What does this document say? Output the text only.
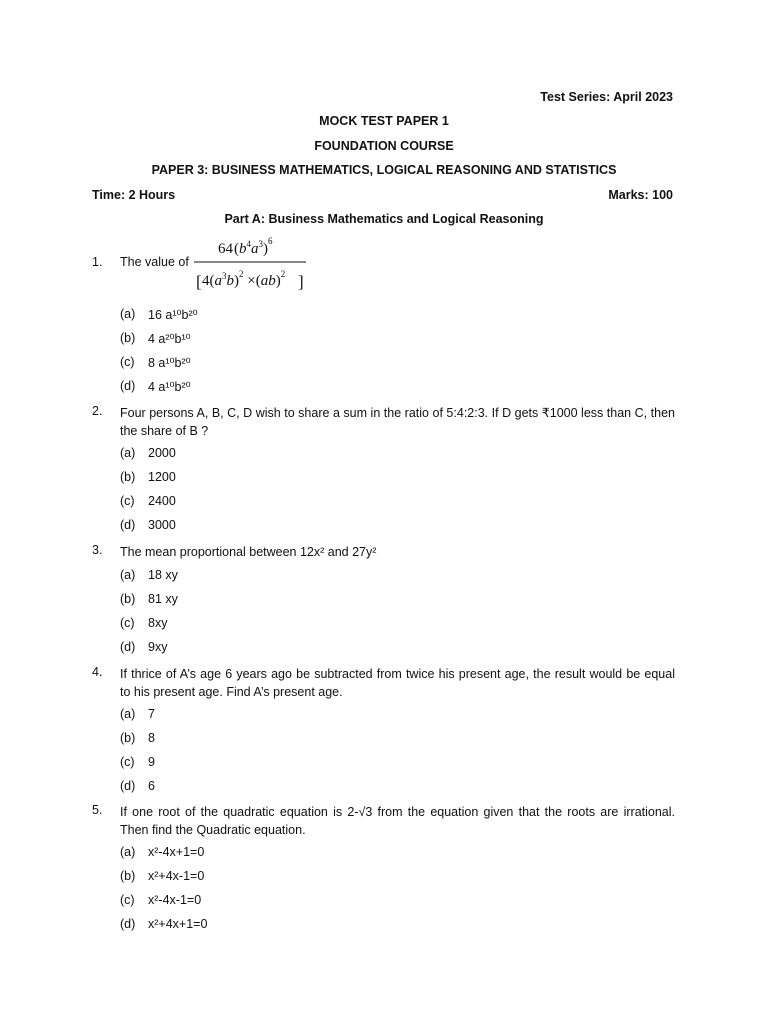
Test Series: April 2023
MOCK TEST PAPER 1
FOUNDATION COURSE
PAPER 3: BUSINESS MATHEMATICS, LOGICAL REASONING AND STATISTICS
Time: 2 Hours	Marks: 100
Part A: Business Mathematics and Logical Reasoning
1. The value of
$64(b^4a^3)^6$
[ $4(a^3b)^2 \times(ab)^2$ ]
(a) 16 a¹⁰b²⁰
(b) 4 a²⁰b¹⁰
(c) 8 a¹⁰b²⁰
(d) 4 a¹⁰b²⁰
2. Four persons A, B, C, D wish to share a sum in the ratio of 5:4:2:3. If D gets ₹1000 less than C, then the share of B ?
(a) 2000
(b) 1200
(c) 2400
(d) 3000
3. The mean proportional between 12x² and 27y²
(a) 18 xy
(b) 81 xy
(c) 8xy
(d) 9xy
4. If thrice of A’s age 6 years ago be subtracted from twice his present age, the result would be equal to his present age. Find A’s present age.
(a) 7
(b) 8
(c) 9
(d) 6
5. If one root of the quadratic equation is 2-√3 from the equation given that the roots are irrational. Then find the Quadratic equation.
(a) x²-4x+1=0
(b) x²+4x-1=0
(c) x²-4x-1=0
(d) x²+4x+1=0
